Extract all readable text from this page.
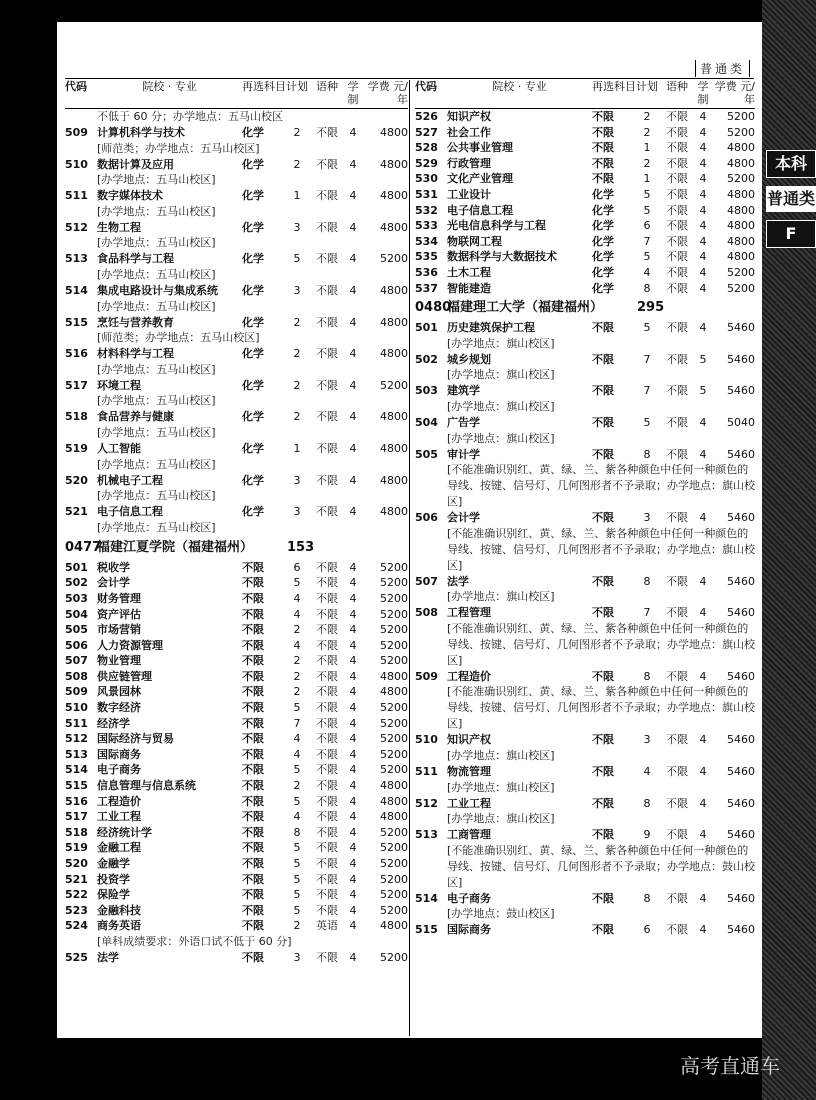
普通类
代码	院校 · 专业	再选科目 计划 语种 学制
学费 元/年
不低于 60 分；办学地点：五马山校区
509 计算机科学与技术	化学	2	不限	4	4800
[师范类；办学地点：五马山校区]
510 数据计算及应用	化学	2	不限	4	4800
[办学地点：五马山校区]
511 数字媒体技术	化学	1	不限	4	4800
[办学地点：五马山校区]
512 生物工程	化学	3	不限	4	4800
[办学地点：五马山校区]
513 食品科学与工程	化学	5	不限	4	5200
[办学地点：五马山校区]
514 集成电路设计与集成系统	化学	3	不限	4	4800
[办学地点：五马山校区]
515 烹饪与营养教育	化学	2	不限	4	4800
[师范类；办学地点：五马山校区]
516 材料科学与工程	化学	2	不限	4	4800
[办学地点：五马山校区]
517 环境工程	化学	2	不限	4	5200
[办学地点：五马山校区]
518 食品营养与健康	化学	2	不限	4	4800
[办学地点：五马山校区]
519 人工智能	化学	1	不限	4	4800
[办学地点：五马山校区]
520 机械电子工程	化学	3	不限	4	4800
[办学地点：五马山校区]
521 电子信息工程	化学	3	不限	4	4800
[办学地点：五马山校区]
0477
福建江夏学院（福建福州）	153
501 税收学	不限	6	不限	4	5200
502 会计学	不限	5	不限	4	5200
503 财务管理	不限	4	不限	4	5200
504 资产评估	不限	4	不限	4	5200
505 市场营销	不限	2	不限	4	5200
506 人力资源管理	不限	4	不限	4	5200
507 物业管理	不限	2	不限	4	5200
508 供应链管理	不限	2	不限	4	4800
509 风景园林	不限	2	不限	4	4800
510 数字经济	不限	5	不限	4	5200
511 经济学	不限	7	不限	4	5200
512 国际经济与贸易	不限	4	不限	4	5200
513 国际商务	不限	4	不限	4	5200
514 电子商务	不限	5	不限	4	5200
515 信息管理与信息系统	不限	2	不限	4	4800
516 工程造价	不限	5	不限	4	4800
517 工业工程	不限	4	不限	4	4800
518 经济统计学	不限	8	不限	4	5200
519 金融工程	不限	5	不限	4	5200
520 金融学	不限	5	不限	4	5200
521 投资学	不限	5	不限	4	5200
522 保险学	不限	5	不限	4	5200
523 金融科技	不限	5	不限	4	5200
524 商务英语	不限	2	英语	4	4800
[单科成绩要求：外语口试不低于 60 分]
525 法学	不限	3	不限	4	5200
代码	院校 · 专业	再选科目 计划 语种 学制
学费 元/年
526 知识产权	不限	2	不限	4	5200
527 社会工作	不限	2	不限	4	5200
528 公共事业管理	不限	1	不限	4	4800
529 行政管理	不限	2	不限	4	4800
530 文化产业管理	不限	1	不限	4	5200
531 工业设计	化学	5	不限	4	4800
532 电子信息工程	化学	5	不限	4	4800
533 光电信息科学与工程	化学	6	不限	4	4800
534 物联网工程	化学	7	不限	4	4800
535 数据科学与大数据技术	化学	5	不限	4	4800
536 土木工程	化学	4	不限	4	5200
537 智能建造	化学	8	不限	4	5200
0480
福建理工大学（福建福州）	295
501 历史建筑保护工程	不限	5	不限	4	5460
[办学地点：旗山校区]
502 城乡规划	不限	7	不限	5	5460
[办学地点：旗山校区]
503 建筑学	不限	7	不限	5	5460
[办学地点：旗山校区]
504 广告学	不限	5	不限	4	5040
[办学地点：旗山校区]
505 审计学	不限	8	不限	4	5460
[不能准确识别红、黄、绿、兰、紫各种颜色中任何一种颜色的导线、按键、信号灯、几何图形者不予录取；办学地点：旗山校区]
506 会计学	不限	3	不限	4	5460
[不能准确识别红、黄、绿、兰、紫各种颜色中任何一种颜色的导线、按键、信号灯、几何图形者不予录取；办学地点：旗山校区]
507 法学	不限	8	不限	4	5460
[办学地点：旗山校区]
508 工程管理	不限	7	不限	4	5460
[不能准确识别红、黄、绿、兰、紫各种颜色中任何一种颜色的导线、按键、信号灯、几何图形者不予录取；办学地点：旗山校区]
509 工程造价	不限	8	不限	4	5460
[不能准确识别红、黄、绿、兰、紫各种颜色中任何一种颜色的导线、按键、信号灯、几何图形者不予录取；办学地点：旗山校区]
510 知识产权	不限	3	不限	4	5460
[办学地点：旗山校区]
511 物流管理	不限	4	不限	4	5460
[办学地点：旗山校区]
512 工业工程	不限	8	不限	4	5460
[办学地点：旗山校区]
513 工商管理	不限	9	不限	4	5460
[不能准确识别红、黄、绿、兰、紫各种颜色中任何一种颜色的导线、按键、信号灯、几何图形者不予录取；办学地点：鼓山校区]
514 电子商务	不限	8	不限	4	5460
[办学地点：鼓山校区]
515 国际商务	不限	6	不限	4	5460
本科
普通类
F
高考直通车
